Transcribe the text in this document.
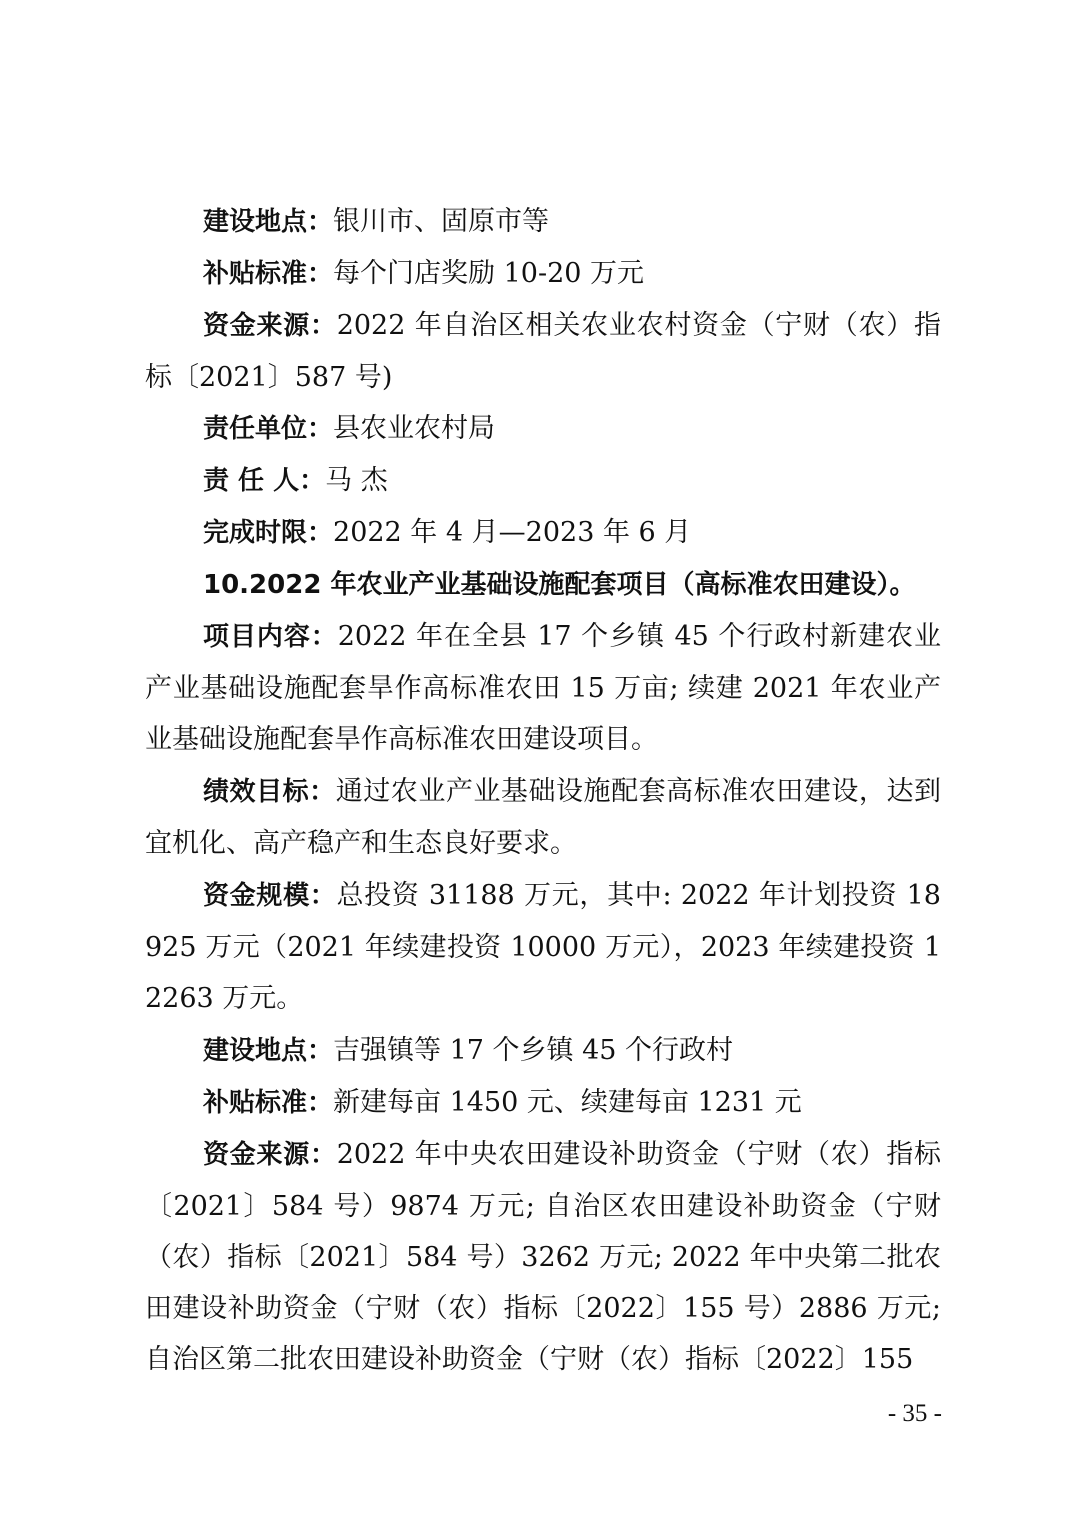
建设地点：银川市、固原市等

补贴标准：每个门店奖励 10-20 万元

资金来源：2022 年自治区相关农业农村资金（宁财（农）指标〔2021〕587 号)

责任单位：县农业农村局

责 任 人：马 杰

完成时限：2022 年 4 月—2023 年 6 月

10.2022 年农业产业基础设施配套项目（高标准农田建设）。

项目内容：2022 年在全县 17 个乡镇 45 个行政村新建农业产业基础设施配套旱作高标准农田 15 万亩; 续建 2021 年农业产业基础设施配套旱作高标准农田建设项目。

绩效目标：通过农业产业基础设施配套高标准农田建设，达到宜机化、高产稳产和生态良好要求。

资金规模：总投资 31188 万元，其中: 2022 年计划投资 18925 万元（2021 年续建投资 10000 万元），2023 年续建投资 12263 万元。

建设地点：吉强镇等 17 个乡镇 45 个行政村

补贴标准：新建每亩 1450 元、续建每亩 1231 元

资金来源：2022 年中央农田建设补助资金（宁财（农）指标〔2021〕584 号）9874 万元; 自治区农田建设补助资金（宁财（农）指标〔2021〕584 号）3262 万元; 2022 年中央第二批农田建设补助资金（宁财（农）指标〔2022〕155 号）2886 万元; 自治区第二批农田建设补助资金（宁财（农）指标〔2022〕155

- 35 -
